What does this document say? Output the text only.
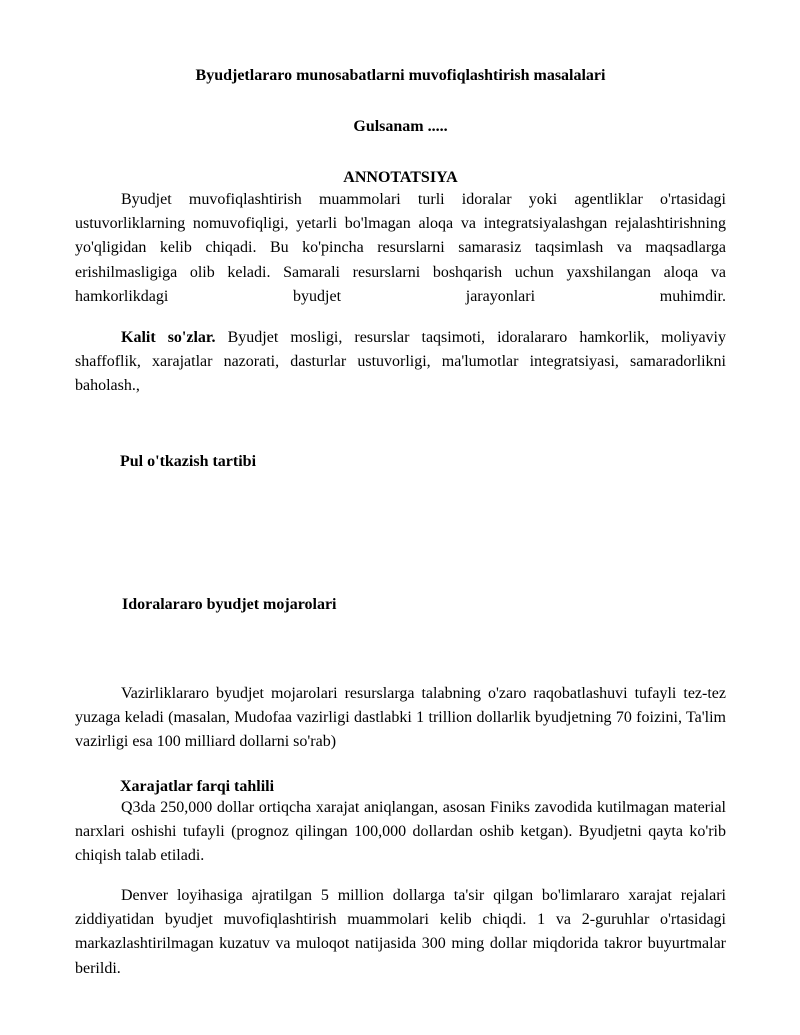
Byudjetlararo munosabatlarni muvofiqlashtirish masalalari
Gulsanam .....
ANNOTATSIYA
Byudjet muvofiqlashtirish muammolari turli idoralar yoki agentliklar o'rtasidagi ustuvorliklarning nomuvofiqligi, yetarli bo'lmagan aloqa va integratsiyalashgan rejalashtirishning yo'qligidan kelib chiqadi. Bu ko'pincha resurslarni samarasiz taqsimlash va maqsadlarga erishilmasligiga olib keladi. Samarali resurslarni boshqarish uchun yaxshilangan aloqa va hamkorlikdagi byudjet jarayonlari muhimdir.
Kalit so'zlar. Byudjet mosligi, resurslar taqsimoti, idoralararo hamkorlik, moliyaviy shaffoflik, xarajatlar nazorati, dasturlar ustuvorligi, ma'lumotlar integratsiyasi, samaradorlikni baholash.,
Pul o'tkazish tartibi
Idoralararo byudjet mojarolari
Vazirliklararo byudjet mojarolari resurslarga talabning o'zaro raqobatlashuvi tufayli tez-tez yuzaga keladi (masalan, Mudofaa vazirligi dastlabki 1 trillion dollarlik byudjetning 70 foizini, Ta'lim vazirligi esa 100 milliard dollarni so'rab)
Xarajatlar farqi tahlili
Q3da 250,000 dollar ortiqcha xarajat aniqlangan, asosan Finiks zavodida kutilmagan material narxlari oshishi tufayli (prognoz qilingan 100,000 dollardan oshib ketgan). Byudjetni qayta ko'rib chiqish talab etiladi.
Denver loyihasiga ajratilgan 5 million dollarga ta'sir qilgan bo'limlararo xarajat rejalari ziddiyatidan byudjet muvofiqlashtirish muammolari kelib chiqdi. 1 va 2-guruhlar o'rtasidagi markazlashtirilmagan kuzatuv va muloqot natijasida 300 ming dollar miqdorida takror buyurtmalar berildi.
